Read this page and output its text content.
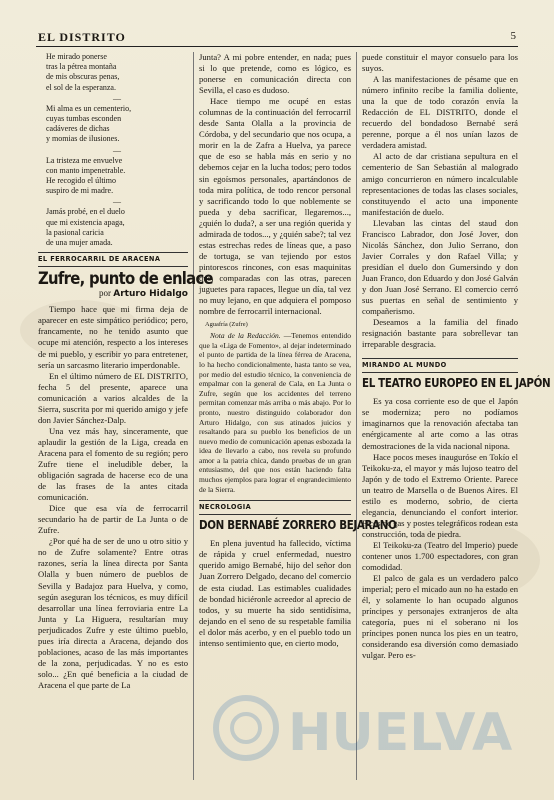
EL DISTRITO	5
He mirado ponerse
tras la pétrea montaña
de mis obscuras penas,
el sol de la esperanza.
—
Mi alma es un cementerio,
cuyas tumbas esconden
cadáveres de dichas
y momias de ilusiones.
—
La tristeza me envuelve
con manto impenetrable.
He recogido el último
suspiro de mi madre.
—
Jamás probé, en el duelo
que mi existencia apaga,
la pasional caricia
de una mujer amada.
EL FERROCARRIL DE ARACENA
Zufre, punto de enlace
por Arturo Hidalgo

Tiempo hace que mi firma deja de aparecer en este simpático periódico; pero, francamente, no he tenido asunto que ocupe mi atención, respecto a los intereses de mi pueblo, y escribir yo para entretener, sería un sarcasmo literario imperdonable.

En el último número de EL DISTRITO, fecha 5 del presente, aparece una comunicación a varios alcaldes de la Sierra, suscrita por mi querido amigo y jefe don Javier Sánchez-Dalp.

Una vez más hay, sinceramente, que aplaudir la gestión de la Liga, creada en Aracena para el fomento de su región; pero Zufre tiene el ineludible deber, la obligación sagrada de hacerse eco de una de las frases de la antes citada comunicación.

Dice que esa vía de ferrocarril secundario ha de partir de La Junta o de Zufre.

¿Por qué ha de ser de uno u otro sitio y no de Zufre solamente? Entre otras razones, sería la línea directa por Santa Olalla y buen número de pueblos de Sevilla y Badajoz para Huelva, y como, según aseguran los técnicos, es muy difícil desarrollar una línea ferroviaria entre La Junta y La Higuera, resultarían muy perjudicados Zufre y este último pueblo, pues iría directa a Aracena, dejando dos poblaciones, acaso de las más importantes de la zona, perjudicadas. Y no es esto solo... ¿En qué beneficia a la ciudad de Aracena el que parte de La

Junta? A mi pobre entender, en nada; pues si lo que pretende, como es lógico, es ponerse en comunicación directa con Sevilla, el caso es dudoso.

Hace tiempo me ocupé en estas columnas de la continuación del ferrocarril desde Santa Olalla a la provincia de Córdoba, y del secundario que nos ocupa, a morir en la de Zafra a Huelva, ya parece que de eso se habla más en serio y no debemos cejar en la lucha todos; pero todos sin egoísmos personales, apartándonos de toda mira política, de todo rencor personal y sacrificando todo lo que noblemente se pueda y deba sacrificar, llegaremos..., ¿quién lo duda?, a ser una región querida y admirada de todos..., y ¿quién sabe?; tal vez estas estrechas redes de líneas que, a paso de tortuga, se van tejiendo por estos pintorescos rincones, con esas maquinitas que, comparadas con las otras, parecen juguetes para rapaces, llegue un día, tal vez no muy lejano, en que adquiera el pomposo nombre de ferrocarril internacional.

Aguafría (Zufre)

Nota de la Redacción. —Tenemos entendido que la «Liga de Fomento», al dejar indeterminado el punto de partida de la línea férrea de Aracena, lo ha hecho condicionalmente, hasta tanto se vea, por medio del estudio técnico, la conveniencia de empalmar con la general de Cala, en La Junta o Zufre, según que los accidentes del terreno permitan comenzar más arriba o más abajo. Por lo pronto, nuestro distinguido colaborador don Arturo Hidalgo, con sus atinados juicios y resaltando para su pueblo los beneficios de un nuevo medio de comunicación apenas esbozada la idea de llevarlo a cabo, nos revela su profundo amor a la patria chica, dando pruebas de un gran entusiasmo, del que nos están haciendo falta muchos ejemplos para lograr el engrandecimiento de la Sierra.

NECROLOGIA
DON BERNABÉ ZORRERO BEJARANO

En plena juventud ha fallecido, víctima de rápida y cruel enfermedad, nuestro querido amigo Bernabé, hijo del señor don Juan Zorrero Delgado, decano del comercio de esta ciudad. Las estimables cualidades de bondad hiciéronle acreedor al aprecio de todos, y su muerte ha sido sentidísima, dejando en el seno de su respetable familia el dolor más acerbo, y en el pueblo todo un intenso sentimiento que, en cierto modo,

puede constituir el mayor consuelo para los suyos.

A las manifestaciones de pésame que en número infinito recibe la familia doliente, una la que de todo corazón envía la Redacción de EL DISTRITO, donde el recuerdo del bondadoso Bernabé será perenne, porque a él nos unían lazos de verdadera amistad.

Al acto de dar cristiana sepultura en el cementerio de San Sebastián al malogrado amigo concurrieron en número incalculable representaciones de todas las clases sociales, constituyendo el acto una imponente manifestación de duelo.

Llevaban las cintas del staud don Francisco Labrador, don José Jover, don Nicolás Sánchez, don Julio Serrano, don Javier Corrales y don Rafael Villa; y presidían el duelo don Gumersindo y don Juan Franco, don Eduardo y don José Galván y don Juan José Serrano. El comercio cerró sus puertas en señal de sentimiento y compañerismo.

Deseamos a la familia del finado resignación bastante para sobrellevar tan irreparable desgracia.

MIRANDO AL MUNDO
EL TEATRO EUROPEO EN EL JAPÓN

Es ya cosa corriente eso de que el Japón se moderniza; pero no podíamos imaginarnos que la renovación afectaba tan enérgicamente al arte como a las otras demostraciones de la vida nacional nipona.

Hace pocos meses inauguróse en Tokío el Teikoku-za, el mayor y más lujoso teatro del Japón y de todo el Extremo Oriente. Parece un teatro de Marsella o de Buenos Aires. El estilo es moderno, sobrio, de cierta elegancia, denunciando el confort interior. Picos de gas y postes telegráficos rodean esta construcción, toda de piedra.

El Teikoku-za (Teatro del Imperio) puede contener unos 1.700 espectadores, con gran comodidad.

El palco de gala es un verdadero palco imperial; pero el micado aun no ha estado en él, y solamente lo han ocupado algunos príncipes y personajes extranjeros de alta categoría, pues ni el soberano ni los príncipes ponen nunca los pies en un teatro, considerando esa diversión como demasiado vulgar. Pero es-

HUELVA
